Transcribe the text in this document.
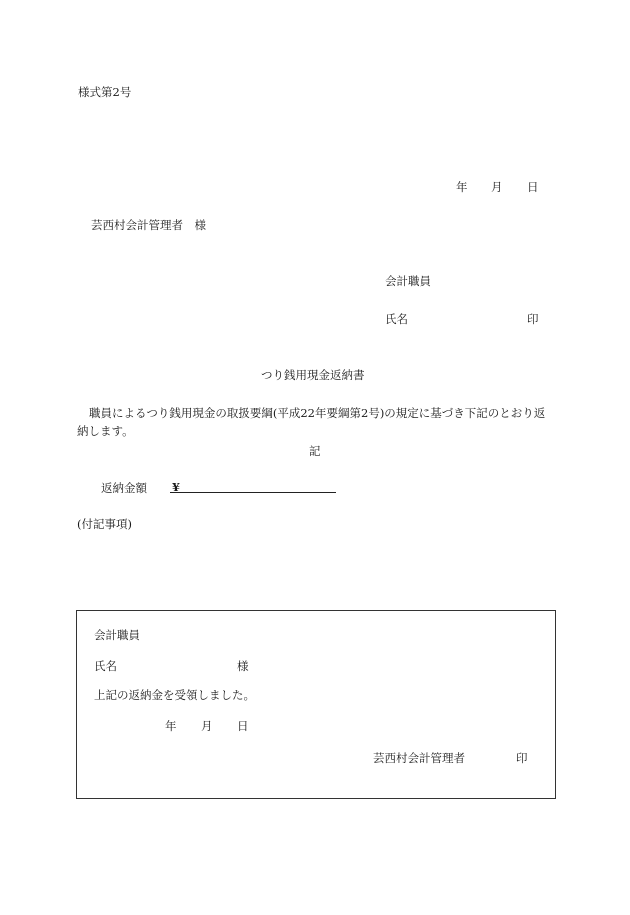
様式第2号
年 月 日
芸西村会計管理者　様
会計職員
氏名	印
つり銭用現金返納書
職員によるつり銭用現金の取扱要綱(平成22年要綱第2号)の規定に基づき下記のとおり返納します。
記
返納金額 ¥
(付記事項)
会計職員
氏名	様
上記の返納金を受領しました。
年 月 日
芸西村会計管理者	印
